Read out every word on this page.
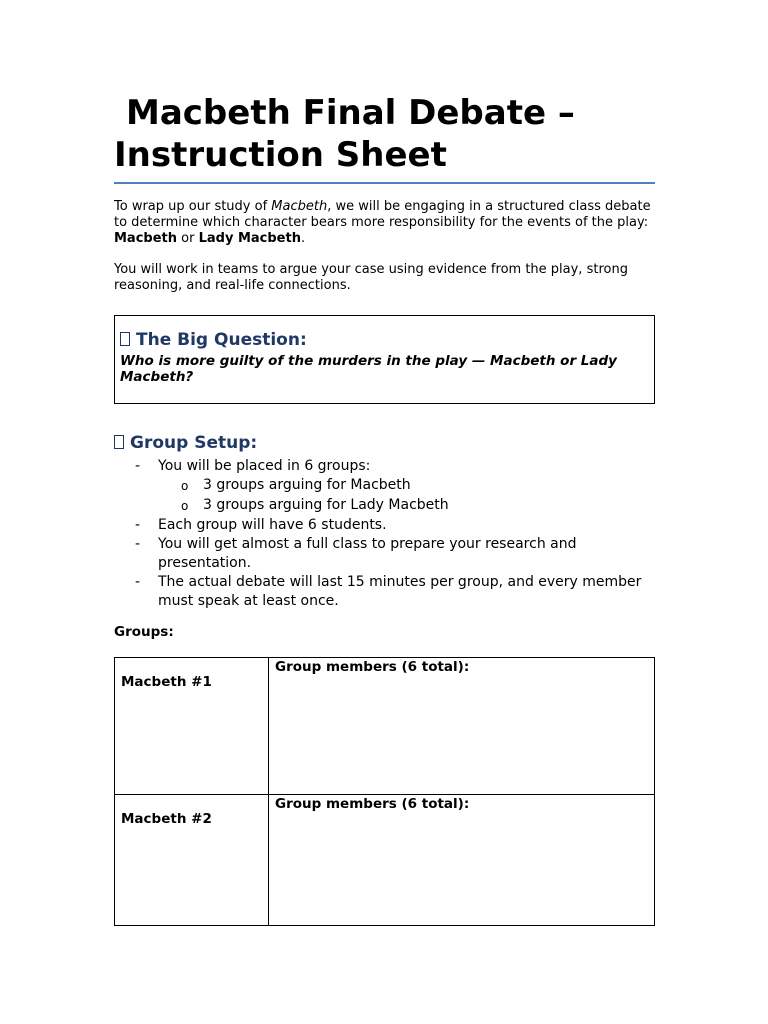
Macbeth Final Debate –
Instruction Sheet

To wrap up our study of Macbeth, we will be engaging in a structured class debate to determine which character bears more responsibility for the events of the play: Macbeth or Lady Macbeth.

You will work in teams to argue your case using evidence from the play, strong reasoning, and real-life connections.

The Big Question:
Who is more guilty of the murders in the play — Macbeth or Lady Macbeth?
Group Setup:
- You will be placed in 6 groups:
o 3 groups arguing for Macbeth
o 3 groups arguing for Lady Macbeth
- Each group will have 6 students.
- You will get almost a full class to prepare your research and presentation.
- The actual debate will last 15 minutes per group, and every member must speak at least once.
Groups:
Macbeth #1	Group members (6 total):

Macbeth #2	Group members (6 total):
